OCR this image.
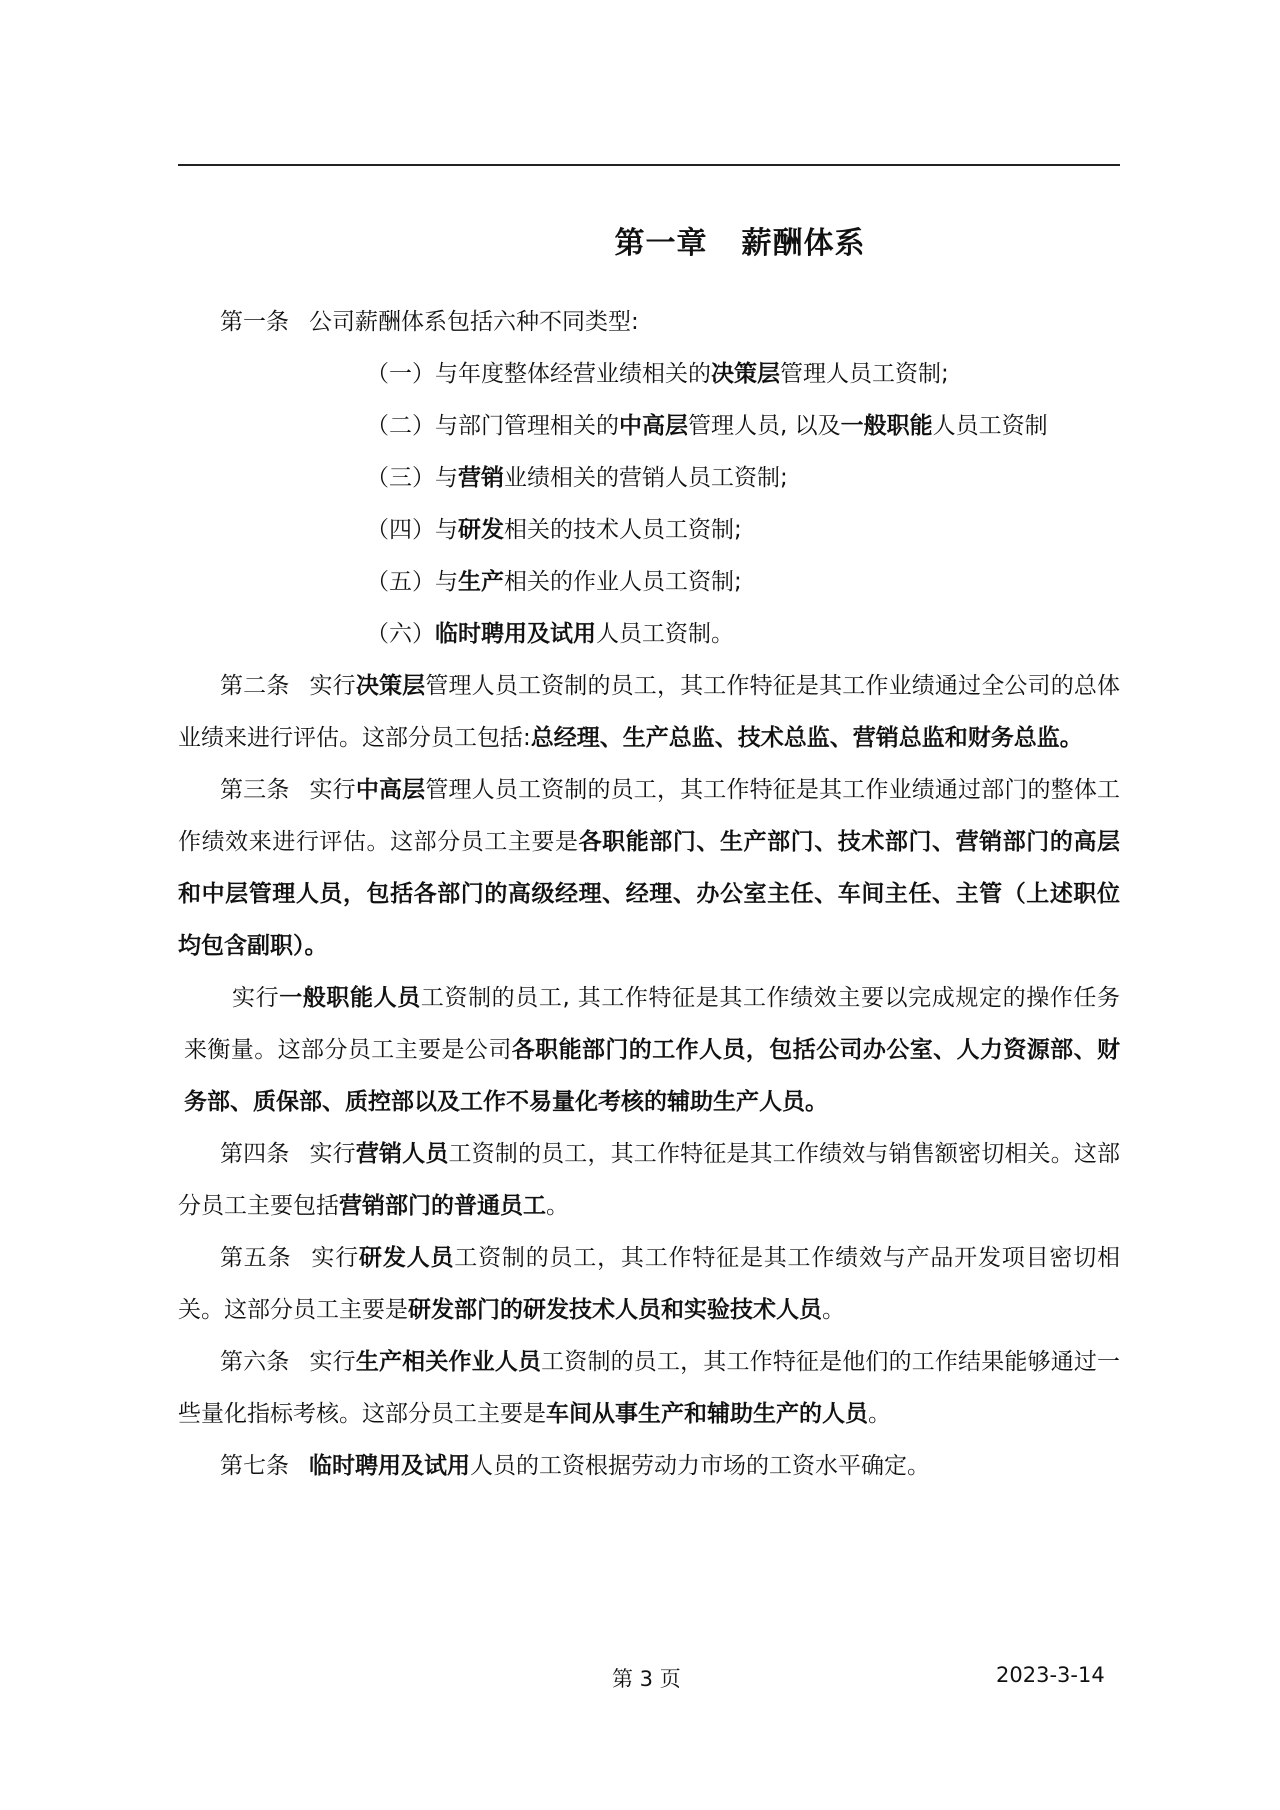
第一章 薪酬体系

第一条 公司薪酬体系包括六种不同类型:

（一）与年度整体经营业绩相关的决策层管理人员工资制;

（二）与部门管理相关的中高层管理人员, 以及一般职能人员工资制

（三）与营销业绩相关的营销人员工资制;

（四）与研发相关的技术人员工资制;

（五）与生产相关的作业人员工资制;

（六）临时聘用及试用人员工资制。

第二条 实行决策层管理人员工资制的员工，其工作特征是其工作业绩通过全公司的总体业绩来进行评估。这部分员工包括:总经理、生产总监、技术总监、营销总监和财务总监。

第三条 实行中高层管理人员工资制的员工，其工作特征是其工作业绩通过部门的整体工作绩效来进行评估。这部分员工主要是各职能部门、生产部门、技术部门、营销部门的高层和中层管理人员，包括各部门的高级经理、经理、办公室主任、车间主任、主管（上述职位均包含副职）。

实行一般职能人员工资制的员工, 其工作特征是其工作绩效主要以完成规定的操作任务来衡量。这部分员工主要是公司各职能部门的工作人员，包括公司办公室、人力资源部、财务部、质保部、质控部以及工作不易量化考核的辅助生产人员。

第四条 实行营销人员工资制的员工，其工作特征是其工作绩效与销售额密切相关。这部分员工主要包括营销部门的普通员工。

第五条 实行研发人员工资制的员工，其工作特征是其工作绩效与产品开发项目密切相关。这部分员工主要是研发部门的研发技术人员和实验技术人员。

第六条 实行生产相关作业人员工资制的员工，其工作特征是他们的工作结果能够通过一些量化指标考核。这部分员工主要是车间从事生产和辅助生产的人员。

第七条 临时聘用及试用人员的工资根据劳动力市场的工资水平确定。

第 3 页	2023-3-14
